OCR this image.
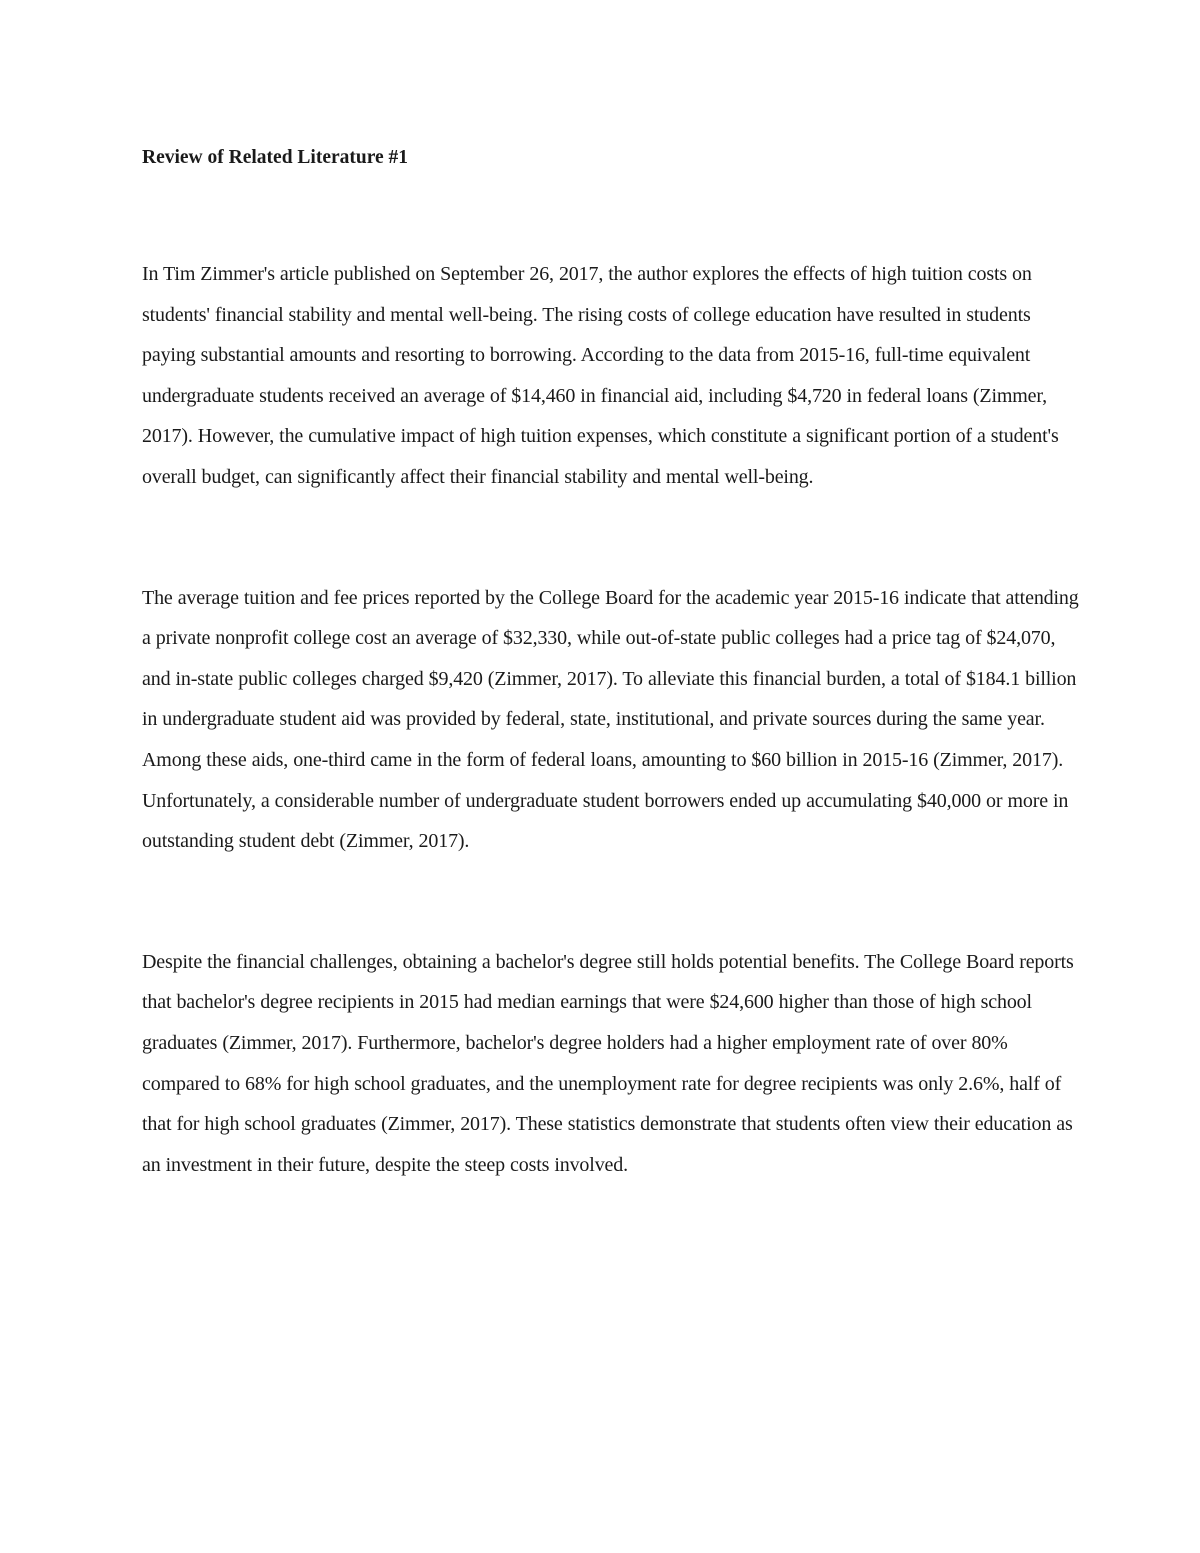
Review of Related Literature #1

In Tim Zimmer's article published on September 26, 2017, the author explores the effects of high tuition costs on students' financial stability and mental well-being. The rising costs of college education have resulted in students paying substantial amounts and resorting to borrowing. According to the data from 2015-16, full-time equivalent undergraduate students received an average of $14,460 in financial aid, including $4,720 in federal loans (Zimmer, 2017). However, the cumulative impact of high tuition expenses, which constitute a significant portion of a student's overall budget, can significantly affect their financial stability and mental well-being.

The average tuition and fee prices reported by the College Board for the academic year 2015-16 indicate that attending a private nonprofit college cost an average of $32,330, while out-of-state public colleges had a price tag of $24,070, and in-state public colleges charged $9,420 (Zimmer, 2017). To alleviate this financial burden, a total of $184.1 billion in undergraduate student aid was provided by federal, state, institutional, and private sources during the same year. Among these aids, one-third came in the form of federal loans, amounting to $60 billion in 2015-16 (Zimmer, 2017). Unfortunately, a considerable number of undergraduate student borrowers ended up accumulating $40,000 or more in outstanding student debt (Zimmer, 2017).

Despite the financial challenges, obtaining a bachelor's degree still holds potential benefits. The College Board reports that bachelor's degree recipients in 2015 had median earnings that were $24,600 higher than those of high school graduates (Zimmer, 2017). Furthermore, bachelor's degree holders had a higher employment rate of over 80% compared to 68% for high school graduates, and the unemployment rate for degree recipients was only 2.6%, half of that for high school graduates (Zimmer, 2017). These statistics demonstrate that students often view their education as an investment in their future, despite the steep costs involved.
